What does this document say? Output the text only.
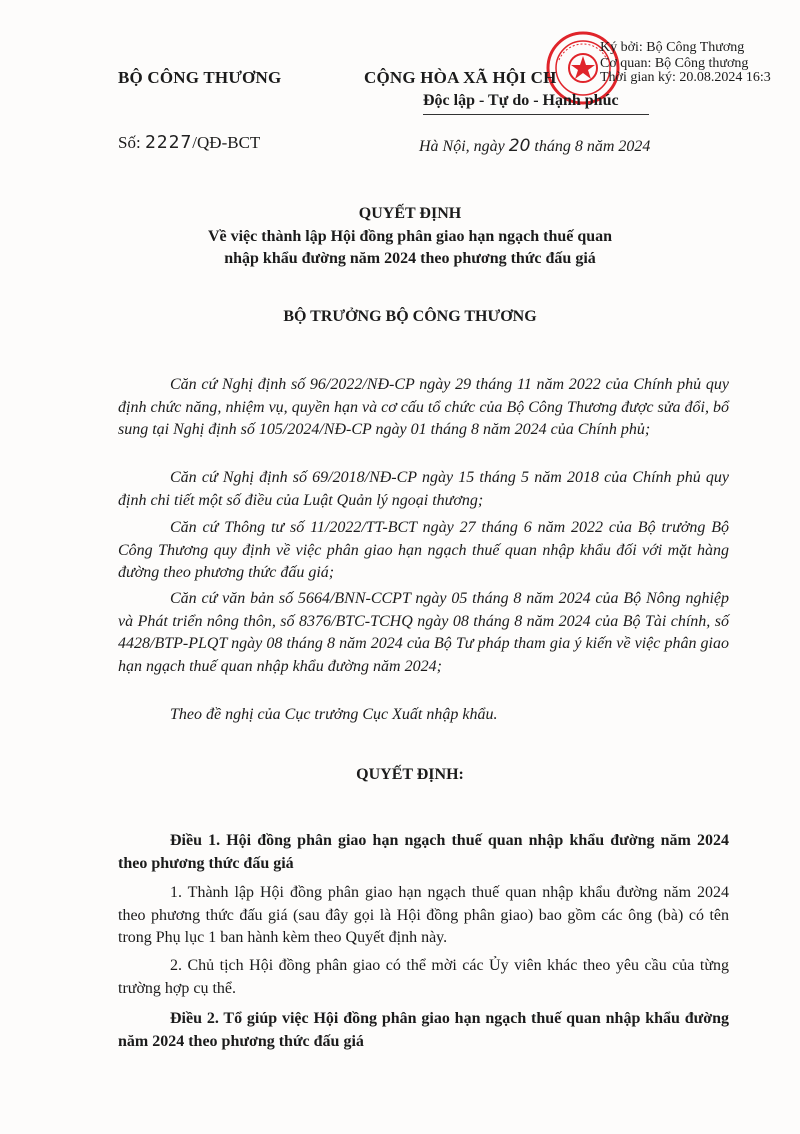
Ký bởi: Bộ Công Thương
Cơ quan: Bộ Công thương
Thời gian ký: 20.08.2024 16:3
BỘ CÔNG THƯƠNG	CỘNG HÒA XÃ HỘI CH
Độc lập - Tự do - Hạnh phúc
Số: 2227/QĐ-BCT	Hà Nội, ngày 20 tháng 8 năm 2024
QUYẾT ĐỊNH
Về việc thành lập Hội đồng phân giao hạn ngạch thuế quan
nhập khẩu đường năm 2024 theo phương thức đấu giá
BỘ TRƯỞNG BỘ CÔNG THƯƠNG

Căn cứ Nghị định số 96/2022/NĐ-CP ngày 29 tháng 11 năm 2022 của Chính phủ quy định chức năng, nhiệm vụ, quyền hạn và cơ cấu tổ chức của Bộ Công Thương được sửa đổi, bổ sung tại Nghị định số 105/2024/NĐ-CP ngày 01 tháng 8 năm 2024 của Chính phủ;

Căn cứ Nghị định số 69/2018/NĐ-CP ngày 15 tháng 5 năm 2018 của Chính phủ quy định chi tiết một số điều của Luật Quản lý ngoại thương;

Căn cứ Thông tư số 11/2022/TT-BCT ngày 27 tháng 6 năm 2022 của Bộ trưởng Bộ Công Thương quy định về việc phân giao hạn ngạch thuế quan nhập khẩu đối với mặt hàng đường theo phương thức đấu giá;

Căn cứ văn bản số 5664/BNN-CCPT ngày 05 tháng 8 năm 2024 của Bộ Nông nghiệp và Phát triển nông thôn, số 8376/BTC-TCHQ ngày 08 tháng 8 năm 2024 của Bộ Tài chính, số 4428/BTP-PLQT ngày 08 tháng 8 năm 2024 của Bộ Tư pháp tham gia ý kiến về việc phân giao hạn ngạch thuế quan nhập khẩu đường năm 2024;

Theo đề nghị của Cục trưởng Cục Xuất nhập khẩu.

QUYẾT ĐỊNH:

Điều 1. Hội đồng phân giao hạn ngạch thuế quan nhập khẩu đường năm 2024 theo phương thức đấu giá

1. Thành lập Hội đồng phân giao hạn ngạch thuế quan nhập khẩu đường năm 2024 theo phương thức đấu giá (sau đây gọi là Hội đồng phân giao) bao gồm các ông (bà) có tên trong Phụ lục 1 ban hành kèm theo Quyết định này.

2. Chủ tịch Hội đồng phân giao có thể mời các Ủy viên khác theo yêu cầu của từng trường hợp cụ thể.

Điều 2. Tổ giúp việc Hội đồng phân giao hạn ngạch thuế quan nhập khẩu đường năm 2024 theo phương thức đấu giá
